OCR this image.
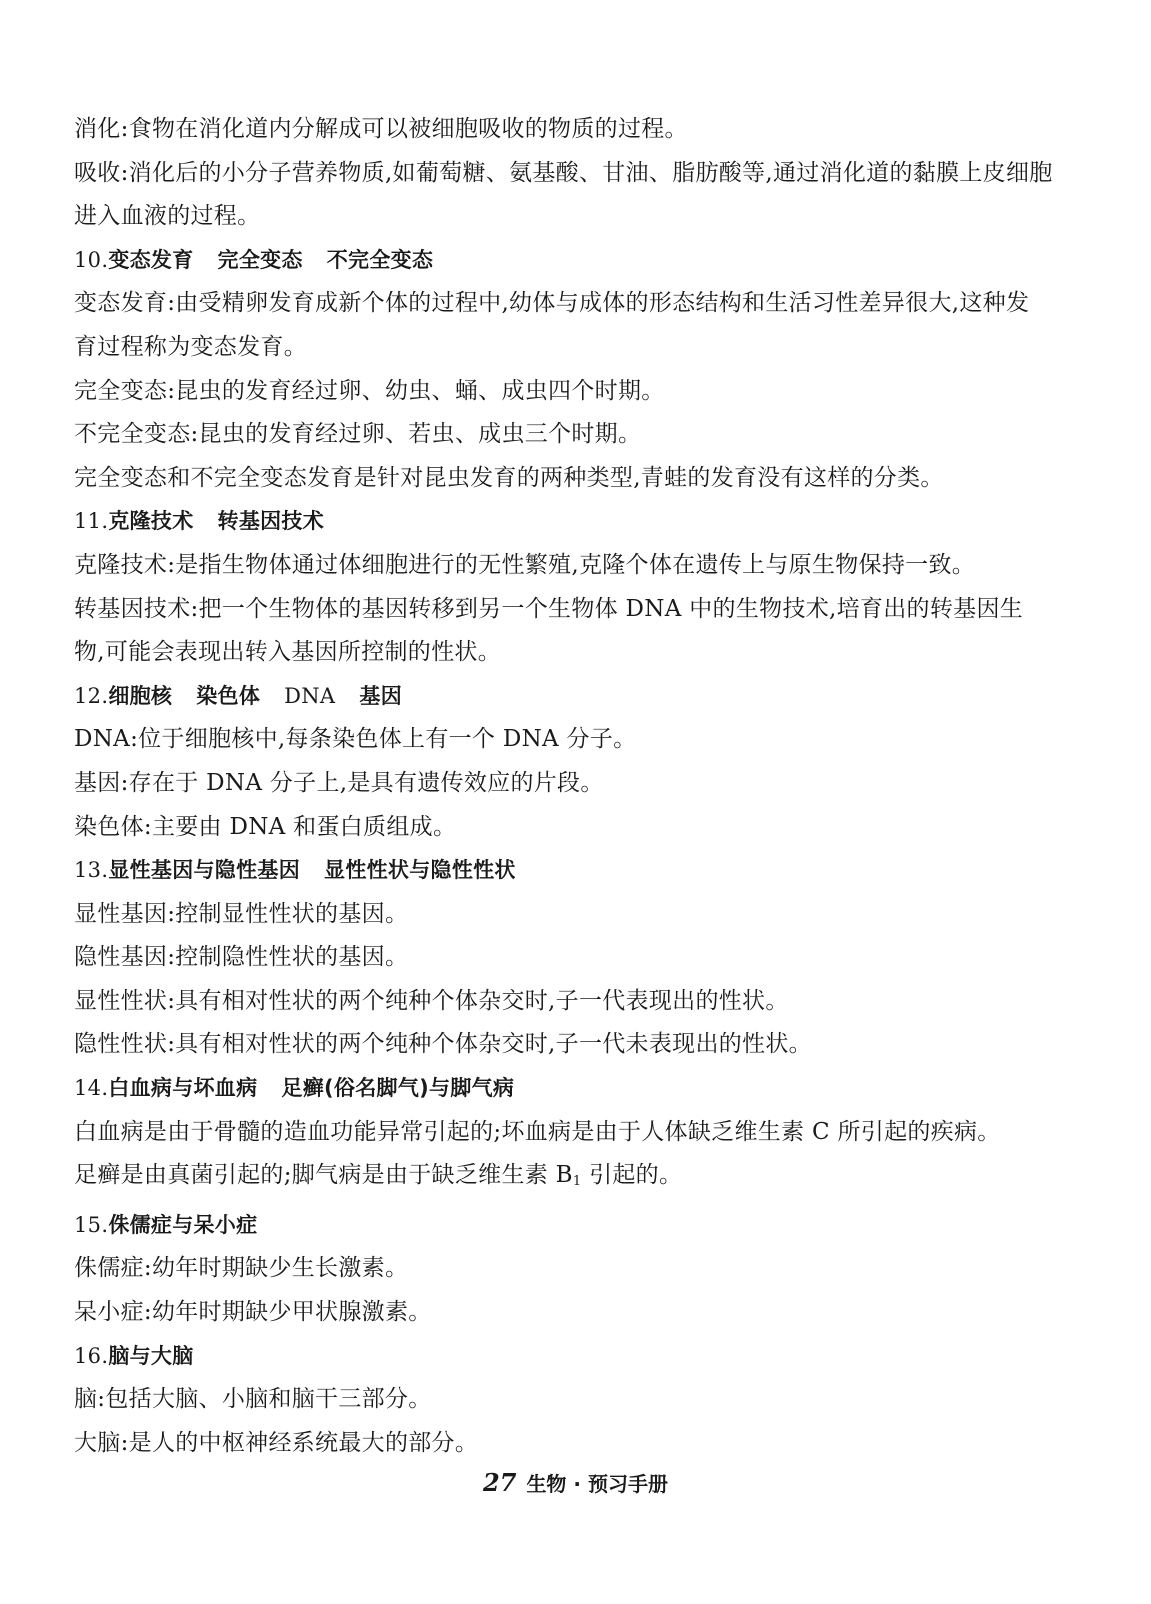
消化:食物在消化道内分解成可以被细胞吸收的物质的过程。
吸收:消化后的小分子营养物质,如葡萄糖、氨基酸、甘油、脂肪酸等,通过消化道的黏膜上皮细胞
进入血液的过程。
10.变态发育 完全变态 不完全变态
变态发育:由受精卵发育成新个体的过程中,幼体与成体的形态结构和生活习性差异很大,这种发
育过程称为变态发育。
完全变态:昆虫的发育经过卵、幼虫、蛹、成虫四个时期。
不完全变态:昆虫的发育经过卵、若虫、成虫三个时期。
完全变态和不完全变态发育是针对昆虫发育的两种类型,青蛙的发育没有这样的分类。
11.克隆技术 转基因技术
克隆技术:是指生物体通过体细胞进行的无性繁殖,克隆个体在遗传上与原生物保持一致。
转基因技术:把一个生物体的基因转移到另一个生物体 DNA 中的生物技术,培育出的转基因生
物,可能会表现出转入基因所控制的性状。
12.细胞核 染色体 DNA 基因
DNA:位于细胞核中,每条染色体上有一个 DNA 分子。
基因:存在于 DNA 分子上,是具有遗传效应的片段。
染色体:主要由 DNA 和蛋白质组成。
13.显性基因与隐性基因 显性性状与隐性性状
显性基因:控制显性性状的基因。
隐性基因:控制隐性性状的基因。
显性性状:具有相对性状的两个纯种个体杂交时,子一代表现出的性状。
隐性性状:具有相对性状的两个纯种个体杂交时,子一代未表现出的性状。
14.白血病与坏血病 足癣(俗名脚气)与脚气病
白血病是由于骨髓的造血功能异常引起的;坏血病是由于人体缺乏维生素 C 所引起的疾病。
足癣是由真菌引起的;脚气病是由于缺乏维生素 $B_1$ 引起的。
15.侏儒症与呆小症
侏儒症:幼年时期缺少生长激素。
呆小症:幼年时期缺少甲状腺激素。
16.脑与大脑
脑:包括大脑、小脑和脑干三部分。
大脑:是人的中枢神经系统最大的部分。
27 生物 · 预习手册
